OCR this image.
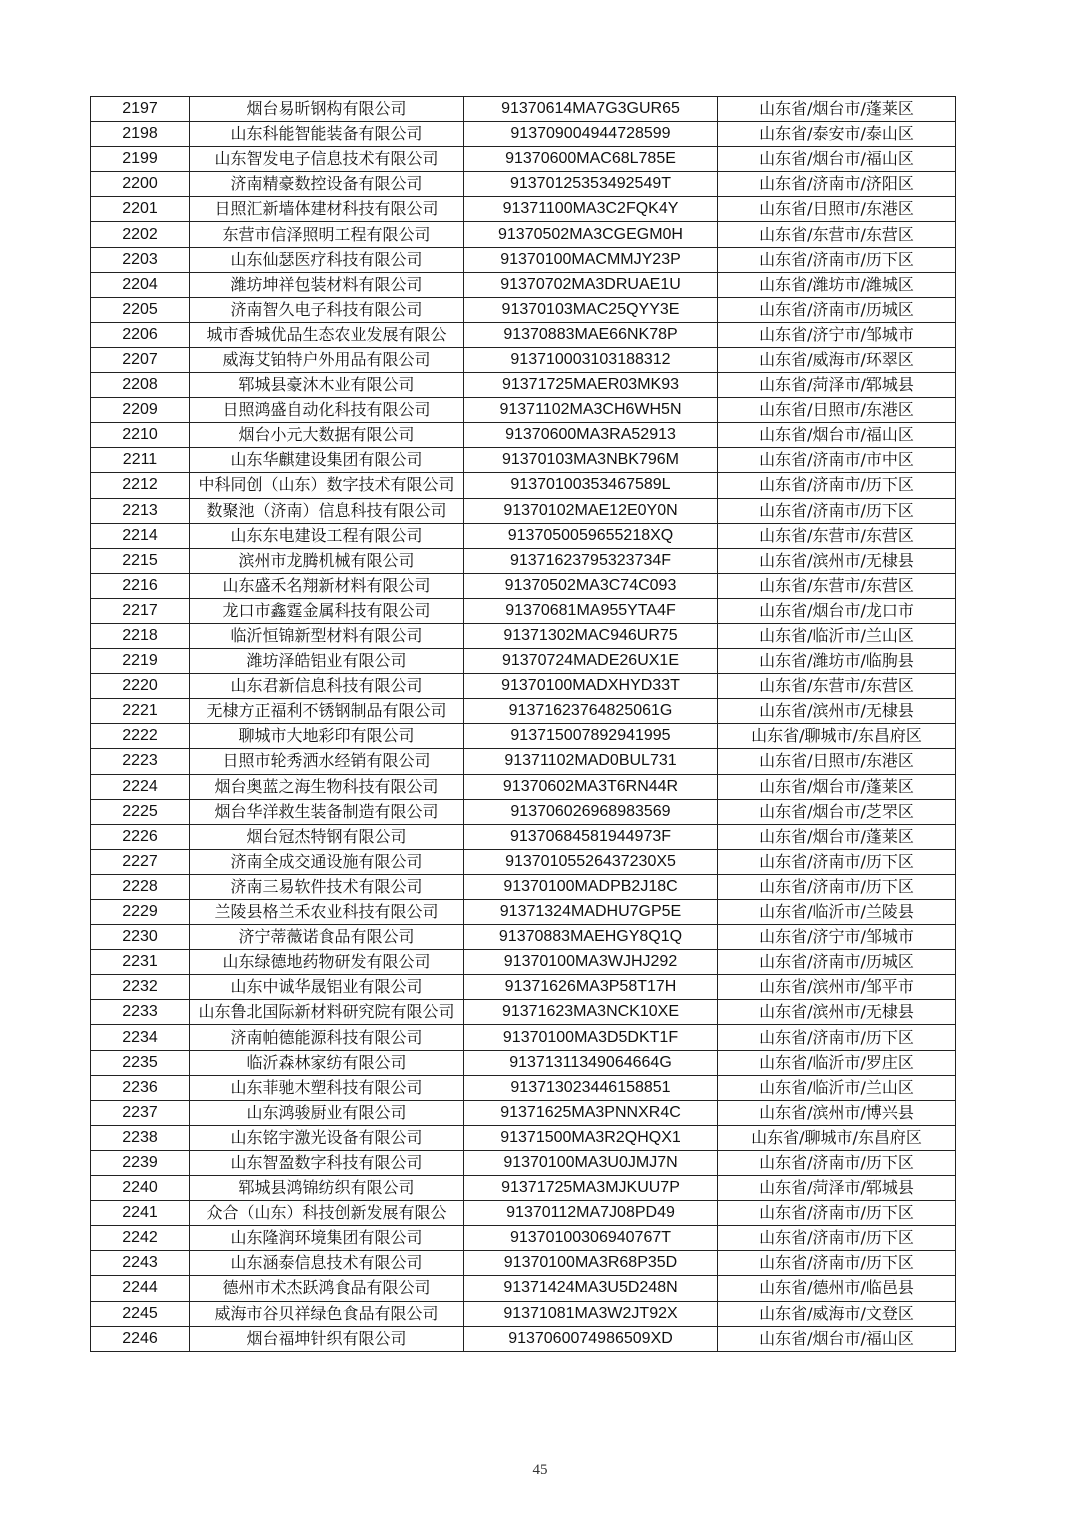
2197	烟台易昕钢构有限公司	91370614MA7G3GUR65	山东省/烟台市/蓬莱区
2198	山东科能智能装备有限公司	913709004944728599	山东省/泰安市/泰山区
2199	山东智发电子信息技术有限公司	91370600MAC68L785E	山东省/烟台市/福山区
2200	济南精豪数控设备有限公司	91370125353492549T	山东省/济南市/济阳区
2201	日照汇新墙体建材科技有限公司	91371100MA3C2FQK4Y	山东省/日照市/东港区
2202	东营市信泽照明工程有限公司	91370502MA3CGEGM0H	山东省/东营市/东营区
2203	山东仙瑟医疗科技有限公司	91370100MACMMJY23P	山东省/济南市/历下区
2204	潍坊坤祥包装材料有限公司	91370702MA3DRUAE1U	山东省/潍坊市/潍城区
2205	济南智久电子科技有限公司	91370103MAC25QYY3E	山东省/济南市/历城区
2206	城市香城优品生态农业发展有限公	91370883MAE66NK78P	山东省/济宁市/邹城市
2207	威海艾铂特户外用品有限公司	913710003103188312	山东省/威海市/环翠区
2208	郓城县豪沐木业有限公司	91371725MAER03MK93	山东省/菏泽市/郓城县
2209	日照鸿盛自动化科技有限公司	91371102MA3CH6WH5N	山东省/日照市/东港区
2210	烟台小元大数据有限公司	91370600MA3RA52913	山东省/烟台市/福山区
2211	山东华麒建设集团有限公司	91370103MA3NBK796M	山东省/济南市/市中区
2212	中科同创（山东）数字技术有限公司	91370100353467589L	山东省/济南市/历下区
2213	数聚池（济南）信息科技有限公司	91370102MAE12E0Y0N	山东省/济南市/历下区
2214	山东东电建设工程有限公司	913705005965521​8XQ	山东省/东营市/东营区
2215	滨州市龙腾机械有限公司	91371623795323734F	山东省/滨州市/无棣县
2216	山东盛禾名翔新材料有限公司	91370502MA3C74C093	山东省/东营市/东营区
2217	龙口市鑫霆金属科技有限公司	91370681MA955YTA4F	山东省/烟台市/龙口市
2218	临沂恒锦新型材料有限公司	91371302MAC946UR75	山东省/临沂市/兰山区
2219	潍坊泽皓铝业有限公司	91370724MADE26UX1E	山东省/潍坊市/临朐县
2220	山东君新信息科技有限公司	91370100MADXHYD33T	山东省/东营市/东营区
2221	无棣方正福利不锈钢制品有限公司	91371623764825061G	山东省/滨州市/无棣县
2222	聊城市大地彩印有限公司	913715007892941995	山东省/聊城市/东昌府区
2223	日照市轮秀洒水经销有限公司	91371102MAD0BUL731	山东省/日照市/东港区
2224	烟台奥蓝之海生物科技有限公司	91370602MA3T6RN44R	山东省/烟台市/蓬莱区
2225	烟台华洋救生装备制造有限公司	913706026968983569	山东省/烟台市/芝罘区
2226	烟台冠杰特钢有限公司	91370684581944973F	山东省/烟台市/蓬莱区
2227	济南全成交通设施有限公司	91370105526437230X5	山东省/济南市/历下区
2228	济南三易软件技术有限公司	91370100MADPB2J18C	山东省/济南市/历下区
2229	兰陵县格兰禾农业科技有限公司	91371324MADHU7GP5E	山东省/临沂市/兰陵县
2230	济宁蒂薇诺食品有限公司	91370883MAEHGY8Q1Q	山东省/济宁市/邹城市
2231	山东绿德地药物研发有限公司	91370100MA3WJHJ292	山东省/济南市/历城区
2232	山东中诚华晟铝业有限公司	91371626MA3P58T17H	山东省/滨州市/邹平市
2233	山东鲁北国际新材料研究院有限公司	91371623MA3NCK10XE	山东省/滨州市/无棣县
2234	济南帕德能源科技有限公司	91370100MA3D5DKT1F	山东省/济南市/历下区
2235	临沂森林家纺有限公司	91371311349064664G	山东省/临沂市/罗庄区
2236	山东菲驰木塑科技有限公司	913713023446158851	山东省/临沂市/兰山区
2237	山东鸿骏厨业有限公司	91371625MA3PNNXR4C	山东省/滨州市/博兴县
2238	山东铭宇激光设备有限公司	91371500MA3R2QHQX1	山东省/聊城市/东昌府区
2239	山东智盈数字科技有限公司	91370100MA3U0JMJ7N	山东省/济南市/历下区
2240	郓城县鸿锦纺织有限公司	91371725MA3MJKUU7P	山东省/菏泽市/郓城县
2241	众合（山东）科技创新发展有限公	91370112MA7J08PD49	山东省/济南市/历下区
2242	山东隆润环境集团有限公司	91370100306940767T	山东省/济南市/历下区
2243	山东涵泰信息技术有限公司	91370100MA3R68P35D	山东省/济南市/历下区
2244	德州市术杰跃鸿食品有限公司	91371424MA3U5D248N	山东省/德州市/临邑县
2245	威海市谷贝祥绿色食品有限公司	91371081MA3W2JT92X	山东省/威海市/文登区
2246	烟台福坤针织有限公司	913706007498650​9XD	山东省/烟台市/福山区
45
